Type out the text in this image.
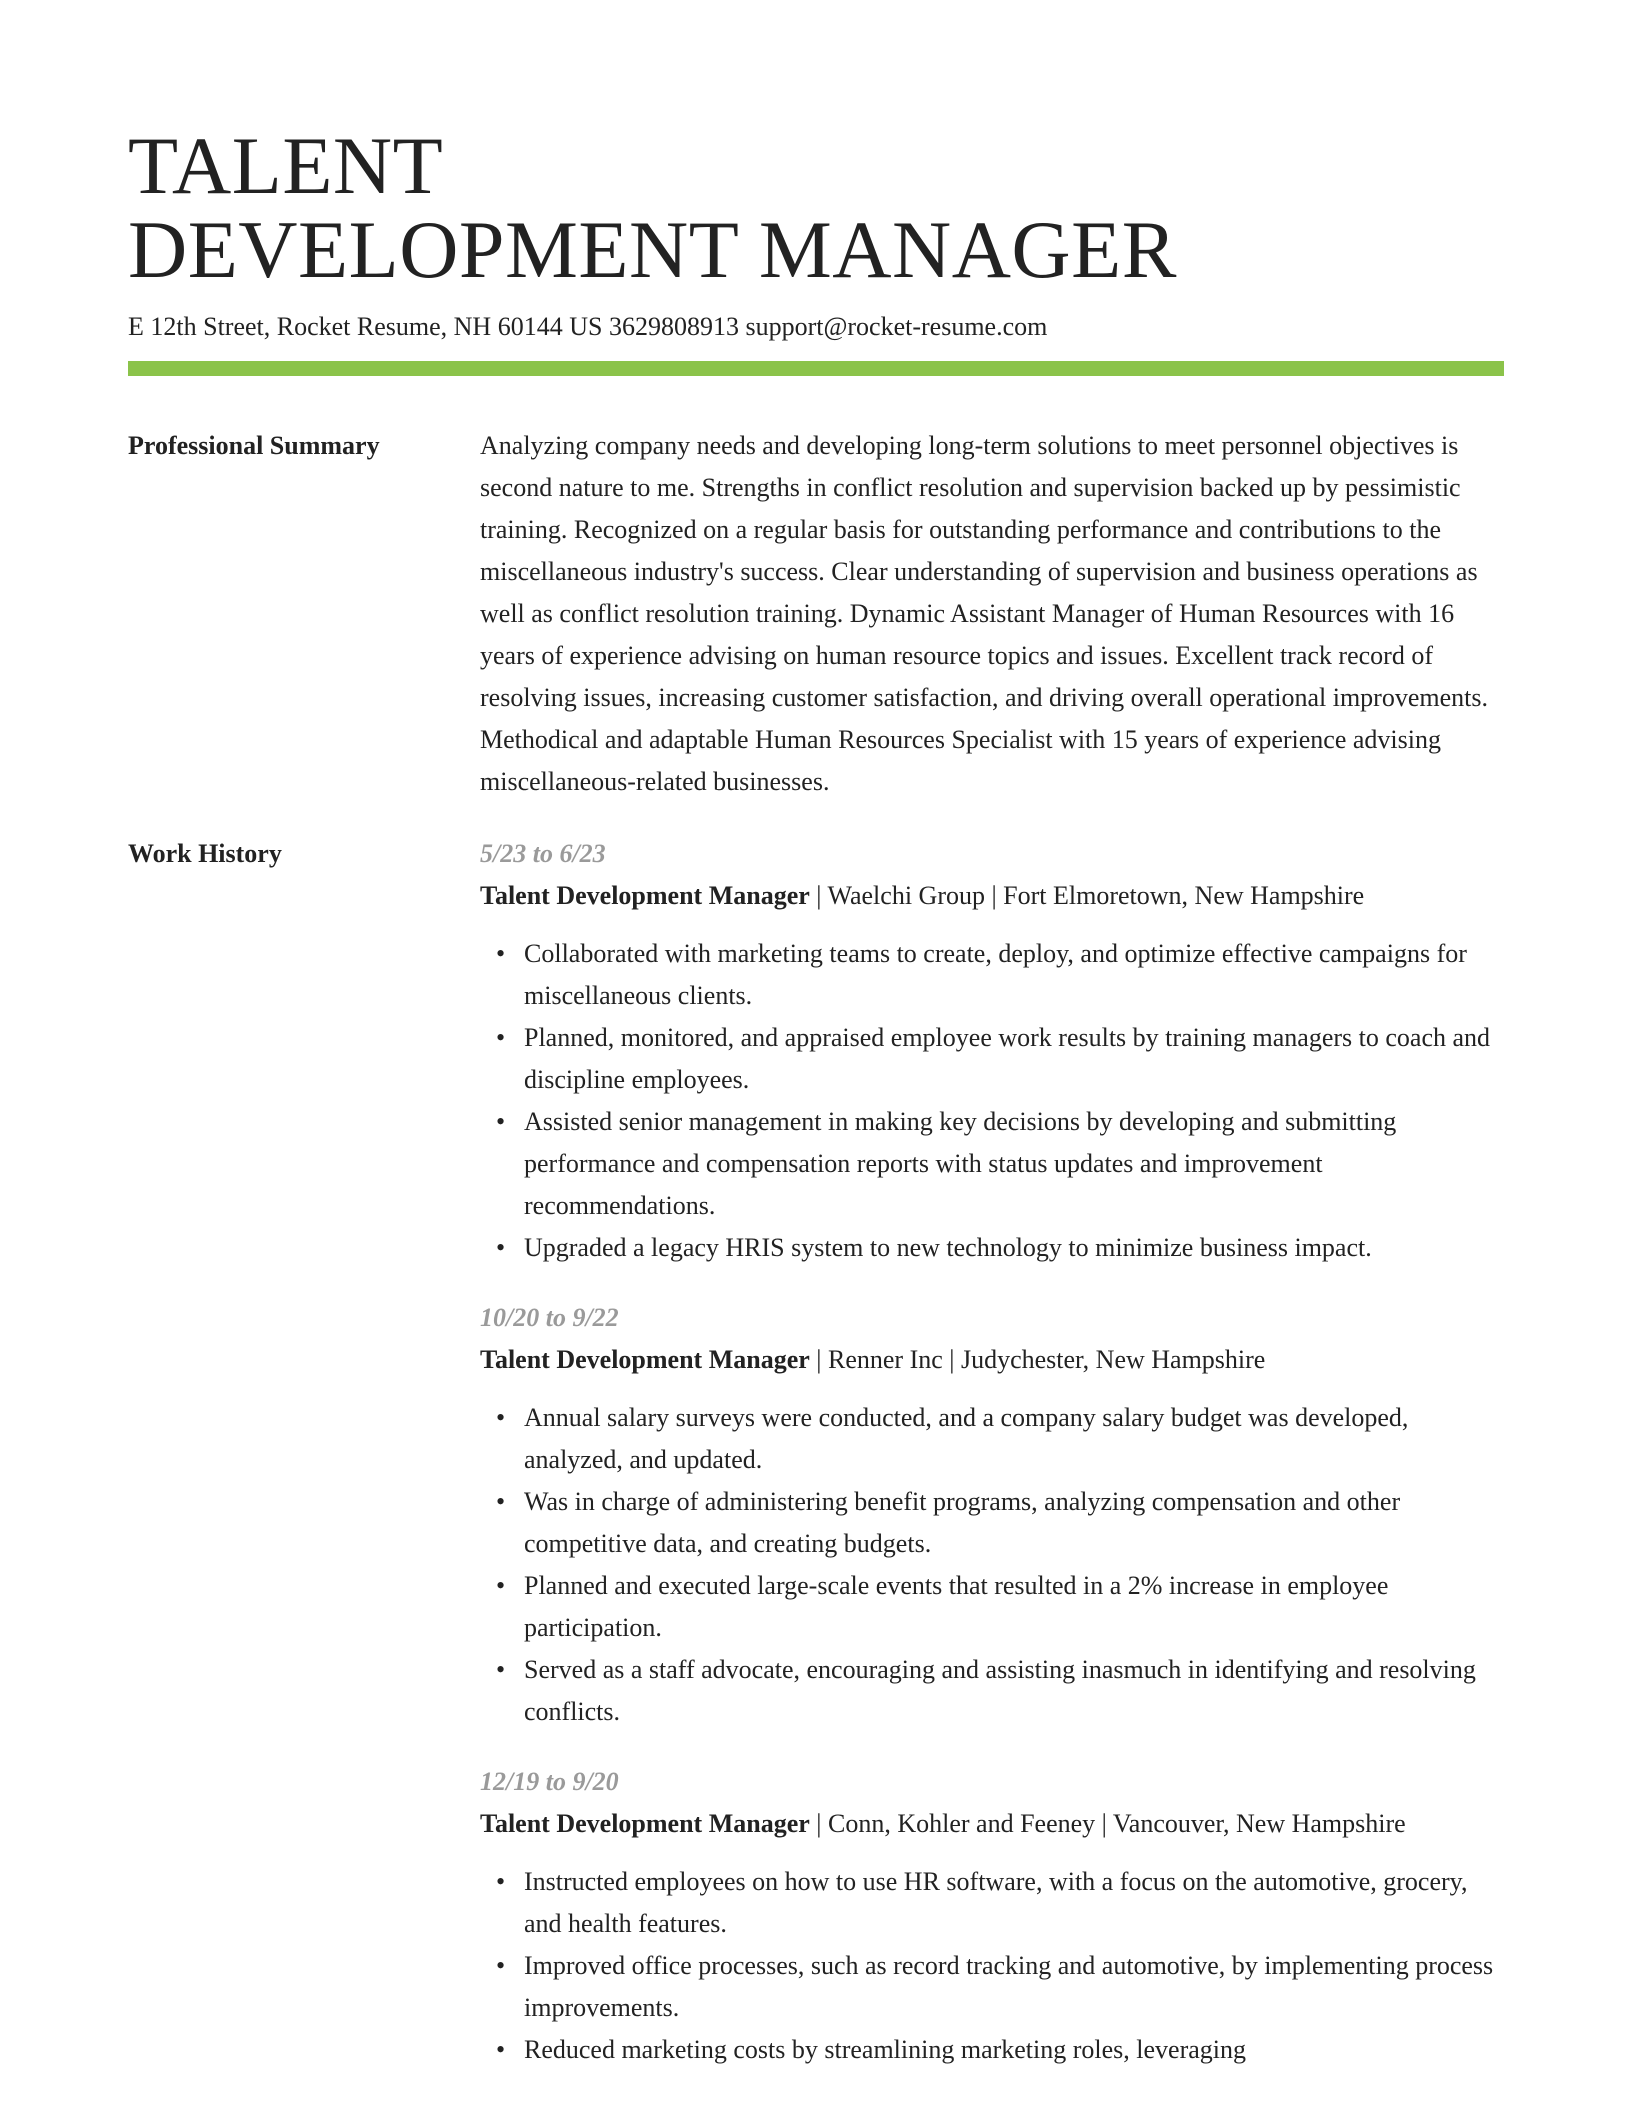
TALENT
DEVELOPMENT MANAGER
E 12th Street, Rocket Resume, NH 60144 US 3629808913 support@rocket-resume.com
Professional Summary	Analyzing company needs and developing long-term solutions to meet personnel objectives is second nature to me. Strengths in conflict resolution and supervision backed up by pessimistic training. Recognized on a regular basis for outstanding performance and contributions to the miscellaneous industry's success. Clear understanding of supervision and business operations as well as conflict resolution training. Dynamic Assistant Manager of Human Resources with 16 years of experience advising on human resource topics and issues. Excellent track record of resolving issues, increasing customer satisfaction, and driving overall operational improvements. Methodical and adaptable Human Resources Specialist with 15 years of experience advising miscellaneous-related businesses.
Work History	5/23 to 6/23
Talent Development Manager | Waelchi Group | Fort Elmoretown, New Hampshire
• Collaborated with marketing teams to create, deploy, and optimize effective campaigns for miscellaneous clients.
• Planned, monitored, and appraised employee work results by training managers to coach and discipline employees.
• Assisted senior management in making key decisions by developing and submitting performance and compensation reports with status updates and improvement recommendations.
• Upgraded a legacy HRIS system to new technology to minimize business impact.
10/20 to 9/22
Talent Development Manager | Renner Inc | Judychester, New Hampshire
• Annual salary surveys were conducted, and a company salary budget was developed, analyzed, and updated.
• Was in charge of administering benefit programs, analyzing compensation and other competitive data, and creating budgets.
• Planned and executed large-scale events that resulted in a 2% increase in employee participation.
• Served as a staff advocate, encouraging and assisting inasmuch in identifying and resolving conflicts.
12/19 to 9/20
Talent Development Manager | Conn, Kohler and Feeney | Vancouver, New Hampshire
• Instructed employees on how to use HR software, with a focus on the automotive, grocery, and health features.
• Improved office processes, such as record tracking and automotive, by implementing process improvements.
• Reduced marketing costs by streamlining marketing roles, leveraging
